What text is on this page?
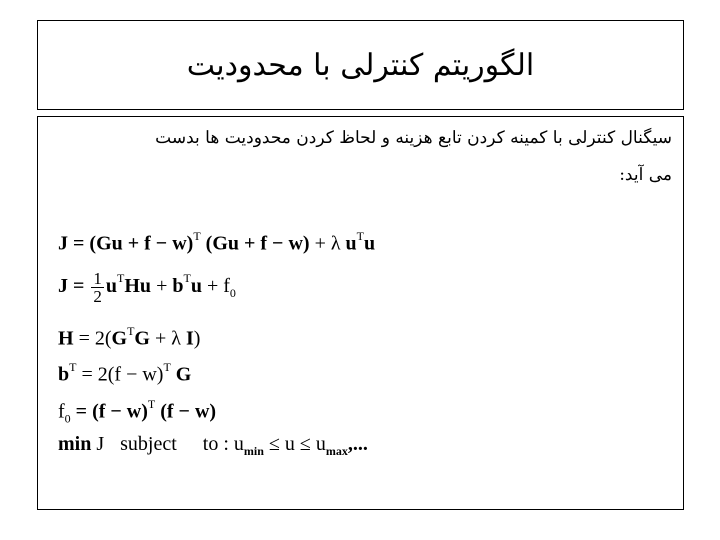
الگوریتم کنترلی با محدودیت
سیگنال کنترلی با کمینه کردن تابع هزینه و لحاظ کردن محدودیت ها بدست
می آید:
$J = (Gu + f - w)^T$ (Gu + f − w) + λ $u^Tu$
$J = \frac{1}{2} u^THu + b^Tu + f_0$
$H = 2(G^TG + \lambda$ I)
$b^T = 2(f - w)^T$ G
$f_0 = (f - w)^T$ (f − w)
min J subject to : $u_{min} \le u \le u_{max}$,...
